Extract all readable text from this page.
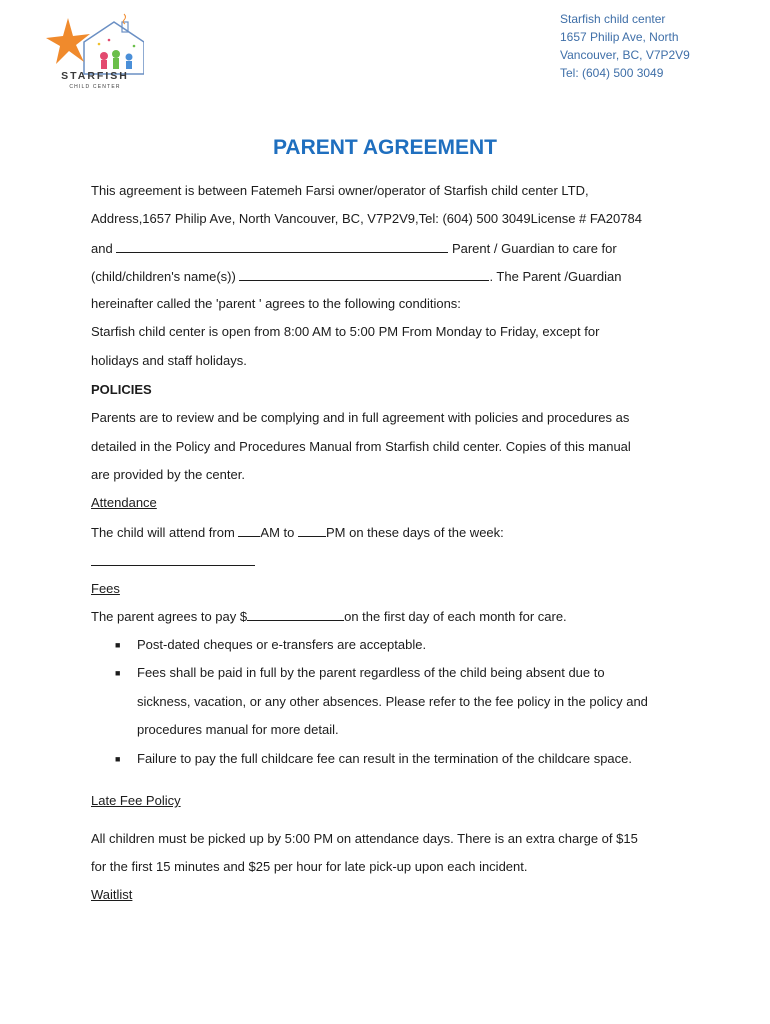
STARFISH
CHILD CENTER
Starfish child center
1657 Philip Ave, North
Vancouver, BC, V7P2V9
Tel: (604) 500 3049
PARENT AGREEMENT
This agreement is between Fatemeh Farsi owner/operator of Starfish child center LTD,
Address,1657 Philip Ave, North Vancouver, BC, V7P2V9,Tel: (604) 500 3049License # FA20784
and	Parent / Guardian to care for
(child/children's name(s))	. The Parent /Guardian
hereinafter called the 'parent ' agrees to the following conditions:
Starfish child center is open from 8:00 AM to 5:00 PM From Monday to Friday, except for
holidays and staff holidays.
POLICIES
Parents are to review and be complying and in full agreement with policies and procedures as
detailed in the Policy and Procedures Manual from Starfish child center. Copies of this manual
are provided by the center.
Attendance
The child will attend from AM to PM on these days of the week:
Fees
The parent agrees to pay $	on the first day of each month for care.
■ Post-dated cheques or e-transfers are acceptable.
■ Fees shall be paid in full by the parent regardless of the child being absent due to
sickness, vacation, or any other absences. Please refer to the fee policy in the policy and
procedures manual for more detail.
■ Failure to pay the full childcare fee can result in the termination of the childcare space.
Late Fee Policy
All children must be picked up by 5:00 PM on attendance days. There is an extra charge of $15
for the first 15 minutes and $25 per hour for late pick-up upon each incident.
Waitlist
